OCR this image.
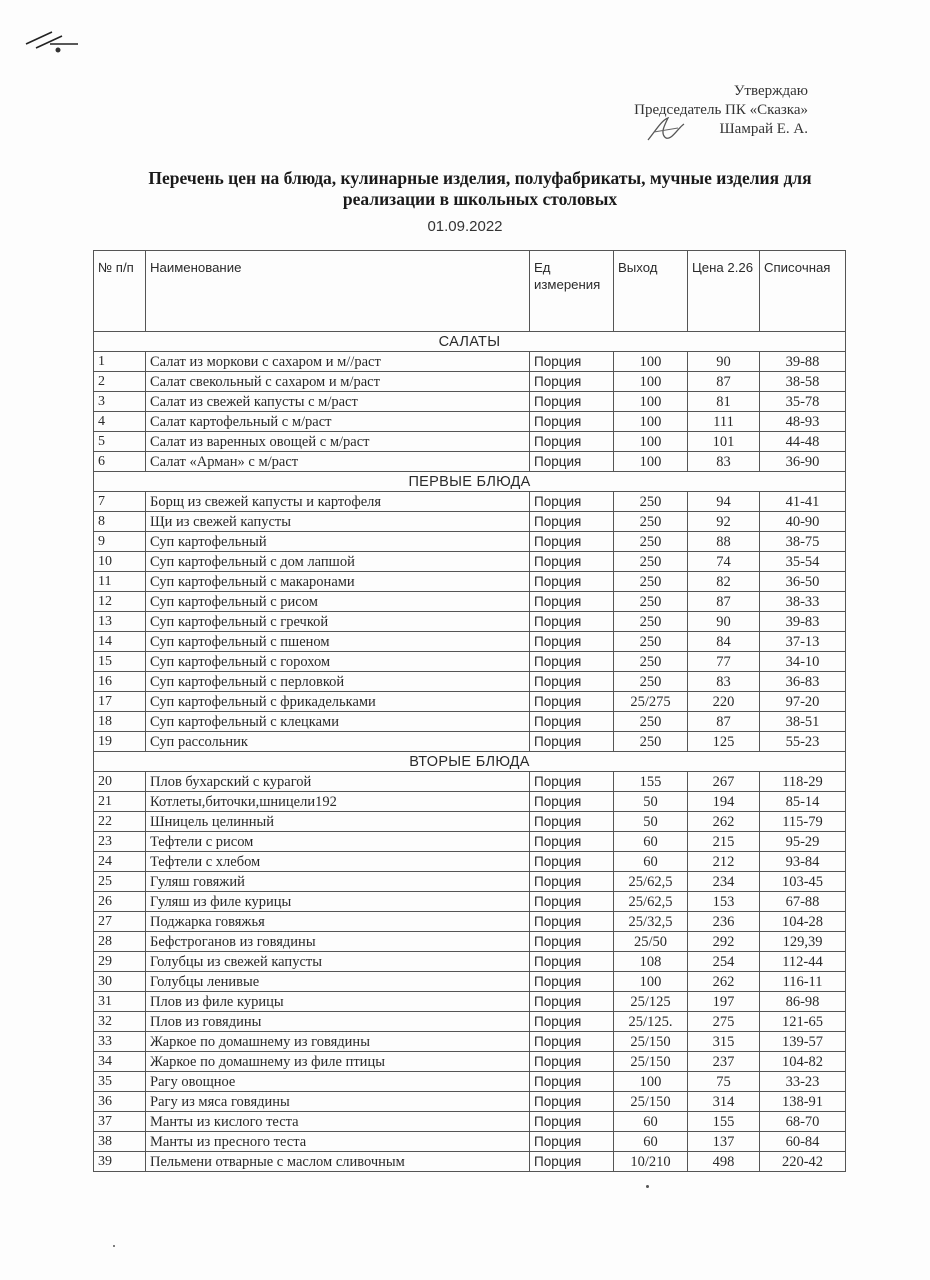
Утверждаю
Председатель ПК «Сказка»
Шамрай Е. А.
Перечень цен на блюда, кулинарные изделия, полуфабрикаты, мучные изделия для реализации в школьных столовых
01.09.2022
№ п/п	Наименование	Ед измерения	Выход	Цена 2.26	Списочная
САЛАТЫ					
1	Салат из моркови с сахаром и м//раст	Порция	100	90	39-88
2	Салат свекольный с сахаром и м/раст	Порция	100	87	38-58
3	Салат из свежей капусты с м/раст	Порция	100	81	35-78
4	Салат картофельный с м/раст	Порция	100	111	48-93
5	Салат из варенных овощей с м/раст	Порция	100	101	44-48
6	Салат «Арман» с м/раст	Порция	100	83	36-90
ПЕРВЫЕ БЛЮДА					
7	Борщ из свежей капусты и картофеля	Порция	250	94	41-41
8	Щи из свежей капусты	Порция	250	92	40-90
9	Суп картофельный	Порция	250	88	38-75
10	Суп картофельный с дом лапшой	Порция	250	74	35-54
11	Суп картофельный с макаронами	Порция	250	82	36-50
12	Суп картофельный с рисом	Порция	250	87	38-33
13	Суп картофельный с гречкой	Порция	250	90	39-83
14	Суп картофельный с пшеном	Порция	250	84	37-13
15	Суп картофельный с горохом	Порция	250	77	34-10
16	Суп картофельный с перловкой	Порция	250	83	36-83
17	Суп картофельный с фрикадельками	Порция	25/275	220	97-20
18	Суп картофельный с клецками	Порция	250	87	38-51
19	Суп рассольник	Порция	250	125	55-23
ВТОРЫЕ БЛЮДА					
20	Плов бухарский с курагой	Порция	155	267	118-29
21	Котлеты,биточки,шницели192	Порция	50	194	85-14
22	Шницель целинный	Порция	50	262	115-79
23	Тефтели с рисом	Порция	60	215	95-29
24	Тефтели с хлебом	Порция	60	212	93-84
25	Гуляш говяжий	Порция	25/62,5	234	103-45
26	Гуляш из филе курицы	Порция	25/62,5	153	67-88
27	Поджарка говяжья	Порция	25/32,5	236	104-28
28	Бефстроганов из говядины	Порция	25/50	292	129,39
29	Голубцы из свежей капусты	Порция	108	254	112-44
30	Голубцы ленивые	Порция	100	262	116-11
31	Плов из филе курицы	Порция	25/125	197	86-98
32	Плов из говядины	Порция	25/125.	275	121-65
33	Жаркое по домашнему из говядины	Порция	25/150	315	139-57
34	Жаркое по домашнему из филе птицы	Порция	25/150	237	104-82
35	Рагу овощное	Порция	100	75	33-23
36	Рагу из мяса говядины	Порция	25/150	314	138-91
37	Манты из кислого теста	Порция	60	155	68-70
38	Манты из пресного теста	Порция	60	137	60-84
39	Пельмени отварные с маслом сливочным	Порция	10/210	498	220-42
